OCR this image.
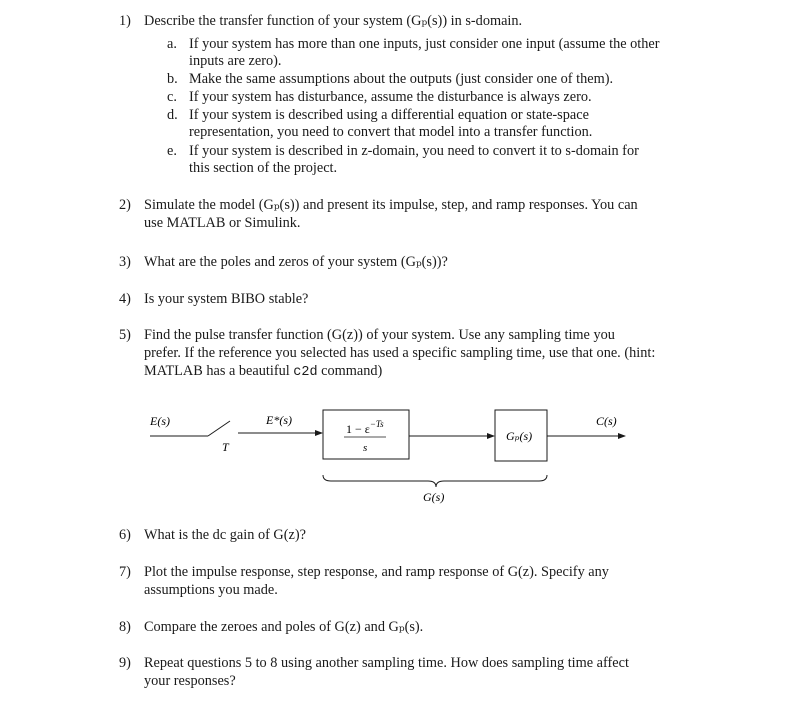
1) Describe the transfer function of your system (Gₚ(s)) in s-domain.
a. If your system has more than one inputs, just consider one input (assume the other
inputs are zero).
b. Make the same assumptions about the outputs (just consider one of them).
c. If your system has disturbance, assume the disturbance is always zero.
d. If your system is described using a differential equation or state-space
representation, you need to convert that model into a transfer function.
e. If your system is described in z-domain, you need to convert it to s-domain for
this section of the project.
2) Simulate the model (Gₚ(s)) and present its impulse, step, and ramp responses. You can
use MATLAB or Simulink.
3) What are the poles and zeros of your system (Gₚ(s))?
4) Is your system BIBO stable?
5) Find the pulse transfer function (G(z)) of your system. Use any sampling time you
prefer. If the reference you selected has used a specific sampling time, use that one. (hint:
MATLAB has a beautiful c2d command)
T
E(s)	E*(s)
$1 - \varepsilon^{-Ts}$
s
Gₚ(s)
C(s)
G(s)
6) What is the dc gain of G(z)?
7) Plot the impulse response, step response, and ramp response of G(z). Specify any
assumptions you made.
8) Compare the zeroes and poles of G(z) and Gₚ(s).
9) Repeat questions 5 to 8 using another sampling time. How does sampling time affect
your responses?
